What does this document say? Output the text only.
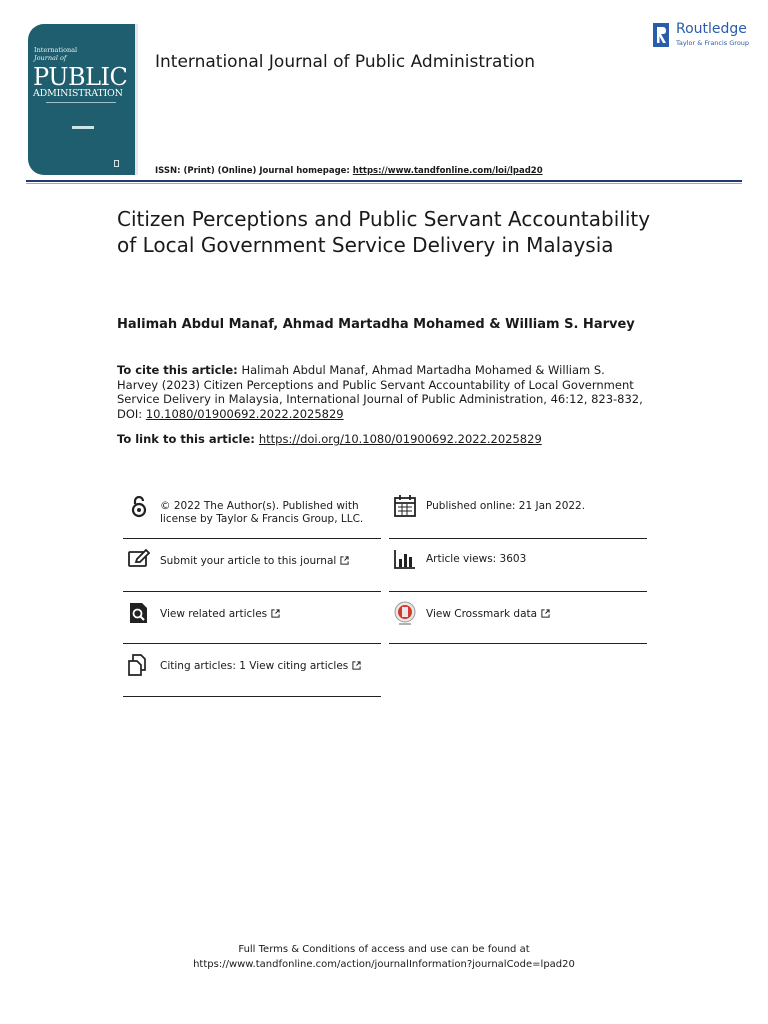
International
Journal of
PUBLIC
ADMINISTRATION
International Journal of Public Administration
Routledge
Taylor & Francis Group
ISSN: (Print) (Online) Journal homepage: https://www.tandfonline.com/loi/lpad20
Citizen Perceptions and Public Servant Accountability of Local Government Service Delivery in Malaysia
Halimah Abdul Manaf, Ahmad Martadha Mohamed & William S. Harvey
To cite this article: Halimah Abdul Manaf, Ahmad Martadha Mohamed & William S. Harvey (2023) Citizen Perceptions and Public Servant Accountability of Local Government Service Delivery in Malaysia, International Journal of Public Administration, 46:12, 823-832, DOI: 10.1080/01900692.2022.2025829
To link to this article: https://doi.org/10.1080/01900692.2022.2025829
© 2022 The Author(s). Published with license by Taylor & Francis Group, LLC.
Submit your article to this journal
View related articles
Citing articles: 1 View citing articles
Published online: 21 Jan 2022.
Article views: 3603
View Crossmark data
Full Terms & Conditions of access and use can be found at
https://www.tandfonline.com/action/journalInformation?journalCode=lpad20
